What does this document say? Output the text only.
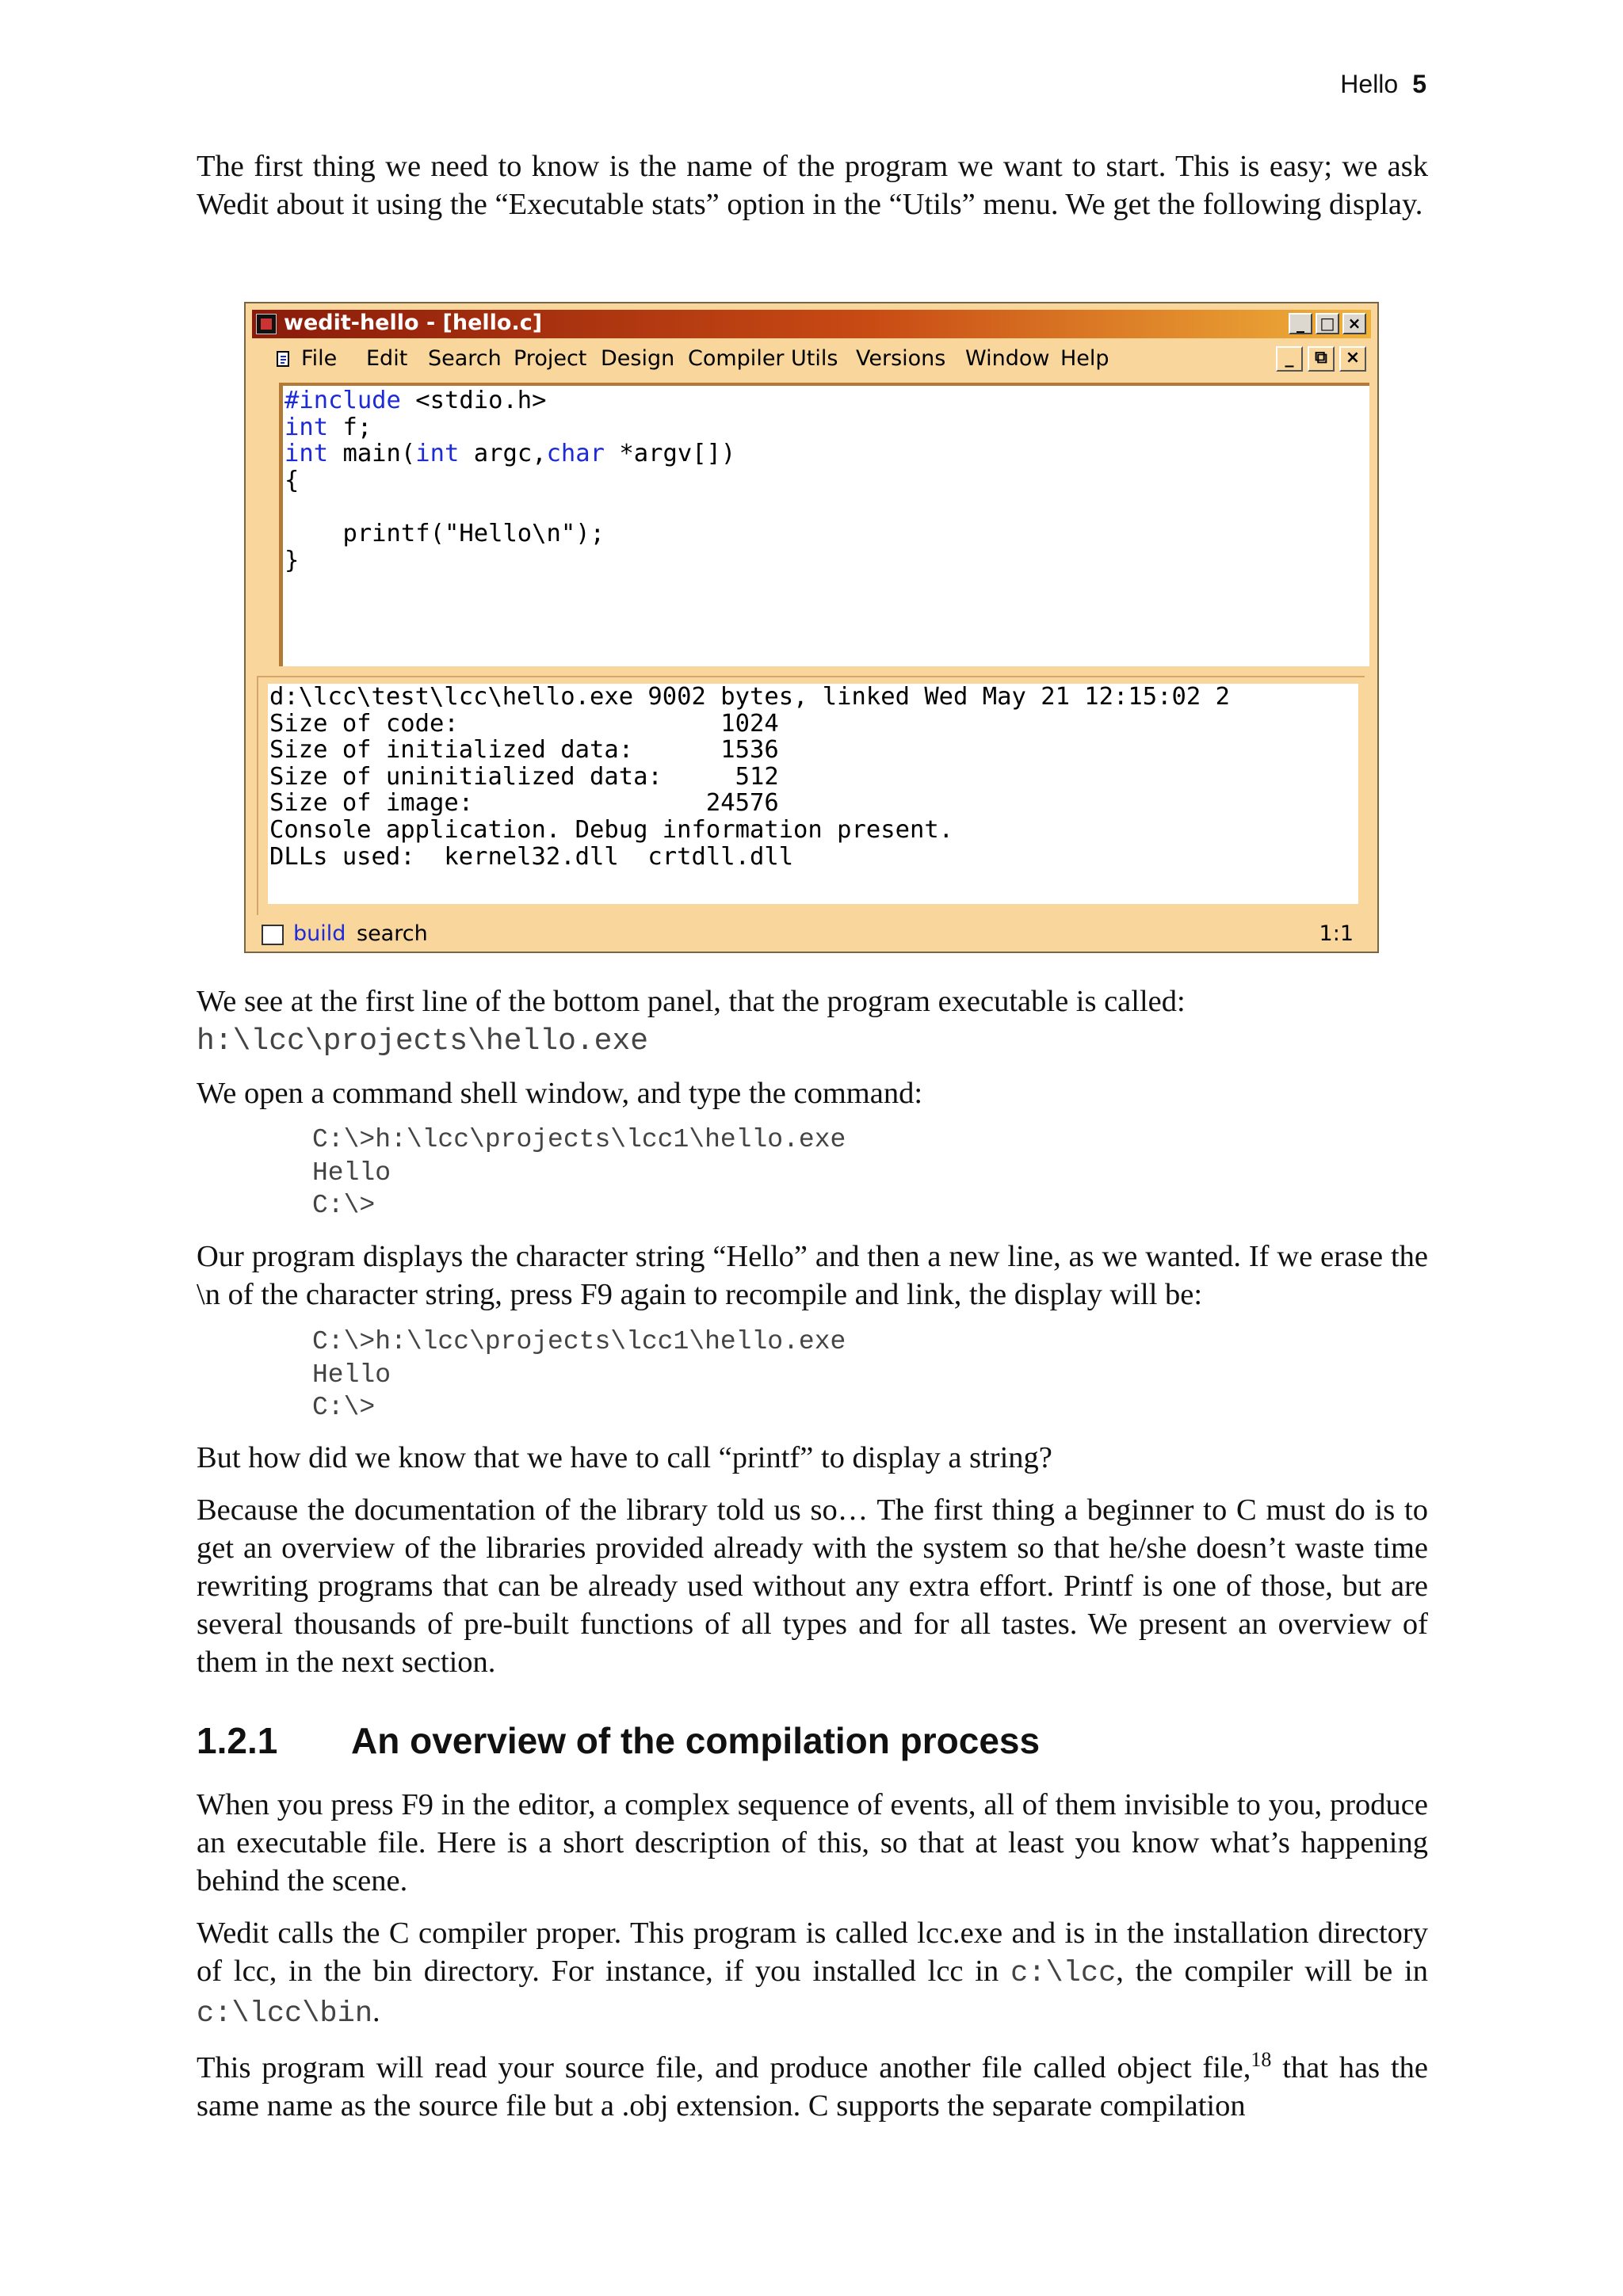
Hello 5

The first thing we need to know is the name of the program we want to start. This is easy; we ask Wedit about it using the “Executable stats” option in the “Utils” menu. We get the following display.

wedit-hello - [hello.c]	_ □ ×
File Edit Search Project Design Compiler Utils Versions Window Help	_	⧉	×
#include <stdio.h>
int f;
int main(int argc,char *argv[])
{

printf("Hello\n");
}
d:\lcc\test\lcc\hello.exe 9002 bytes, linked Wed May 21 12:15:02 2
Size of code:                  1024
Size of initialized data:      1536
Size of uninitialized data:     512
Size of image:                24576
Console application. Debug information present.
DLLs used:  kernel32.dll  crtdll.dll
build search	1:1

We see at the first line of the bottom panel, that the program executable is called:
h:\lcc\projects\hello.exe

We open a command shell window, and type the command:

C:\>h:\lcc\projects\lcc1\hello.exe
Hello
C:\>

Our program displays the character string “Hello” and then a new line, as we wanted. If we erase the \n of the character string, press F9 again to recompile and link, the display will be:

C:\>h:\lcc\projects\lcc1\hello.exe
Hello
C:\>

But how did we know that we have to call “printf” to display a string?

Because the documentation of the library told us so… The first thing a beginner to C must do is to get an overview of the libraries provided already with the system so that he/she doesn’t waste time rewriting programs that can be already used without any extra effort. Printf is one of those, but are several thousands of pre-built functions of all types and for all tastes. We present an overview of them in the next section.

1.2.1 An overview of the compilation process

When you press F9 in the editor, a complex sequence of events, all of them invisible to you, produce an executable file. Here is a short description of this, so that at least you know what’s happening behind the scene.

Wedit calls the C compiler proper. This program is called lcc.exe and is in the installation directory of lcc, in the bin directory. For instance, if you installed lcc in c:\lcc, the compiler will be in c:\lcc\bin.

This program will read your source file, and produce another file called object file,$^{18}$ that has the same name as the source file but a .obj extension. C supports the separate compilation
